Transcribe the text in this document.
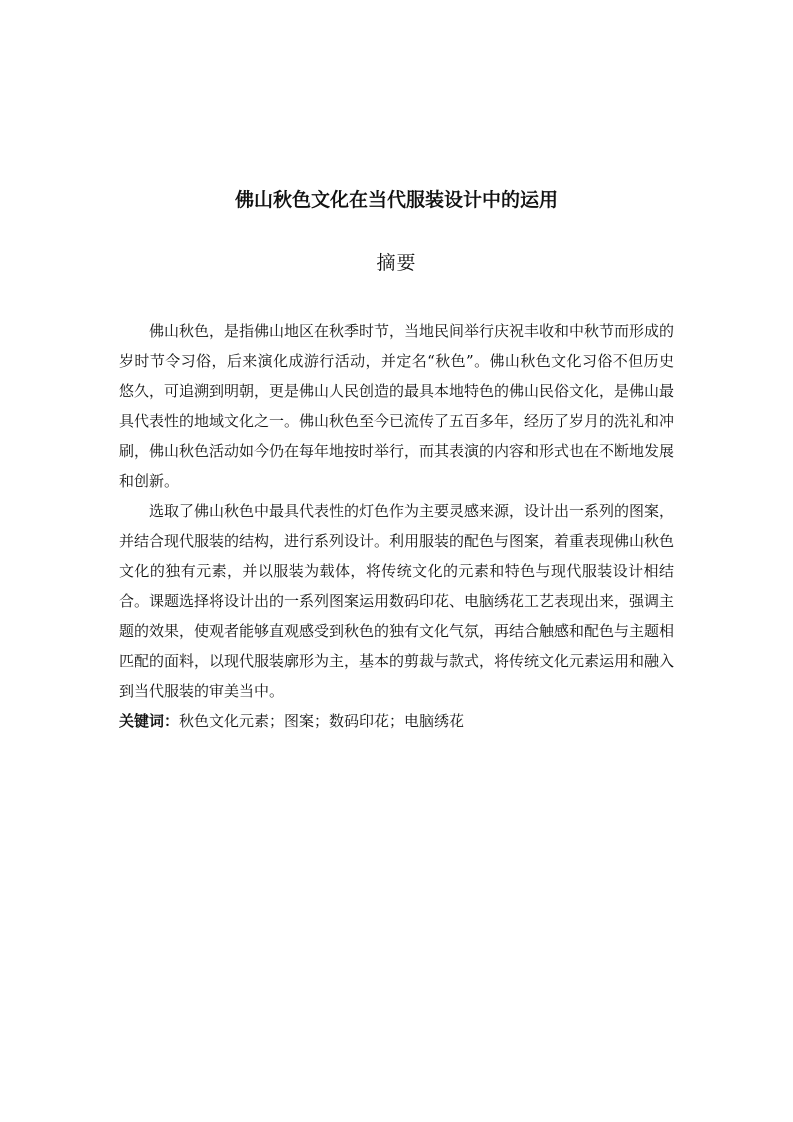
佛山秋色文化在当代服装设计中的运用
摘要

佛山秋色，是指佛山地区在秋季时节，当地民间举行庆祝丰收和中秋节而形成的岁时节令习俗，后来演化成游行活动，并定名“秋色”。佛山秋色文化习俗不但历史悠久，可追溯到明朝，更是佛山人民创造的最具本地特色的佛山民俗文化，是佛山最具代表性的地域文化之一。佛山秋色至今已流传了五百多年，经历了岁月的洗礼和冲刷，佛山秋色活动如今仍在每年地按时举行，而其表演的内容和形式也在不断地发展和创新。

选取了佛山秋色中最具代表性的灯色作为主要灵感来源，设计出一系列的图案，并结合现代服装的结构，进行系列设计。利用服装的配色与图案，着重表现佛山秋色文化的独有元素，并以服装为载体，将传统文化的元素和特色与现代服装设计相结合。课题选择将设计出的一系列图案运用数码印花、电脑绣花工艺表现出来，强调主题的效果，使观者能够直观感受到秋色的独有文化气氛，再结合触感和配色与主题相匹配的面料，以现代服装廓形为主，基本的剪裁与款式，将传统文化元素运用和融入到当代服装的审美当中。

关键词：秋色文化元素；图案；数码印花；电脑绣花
